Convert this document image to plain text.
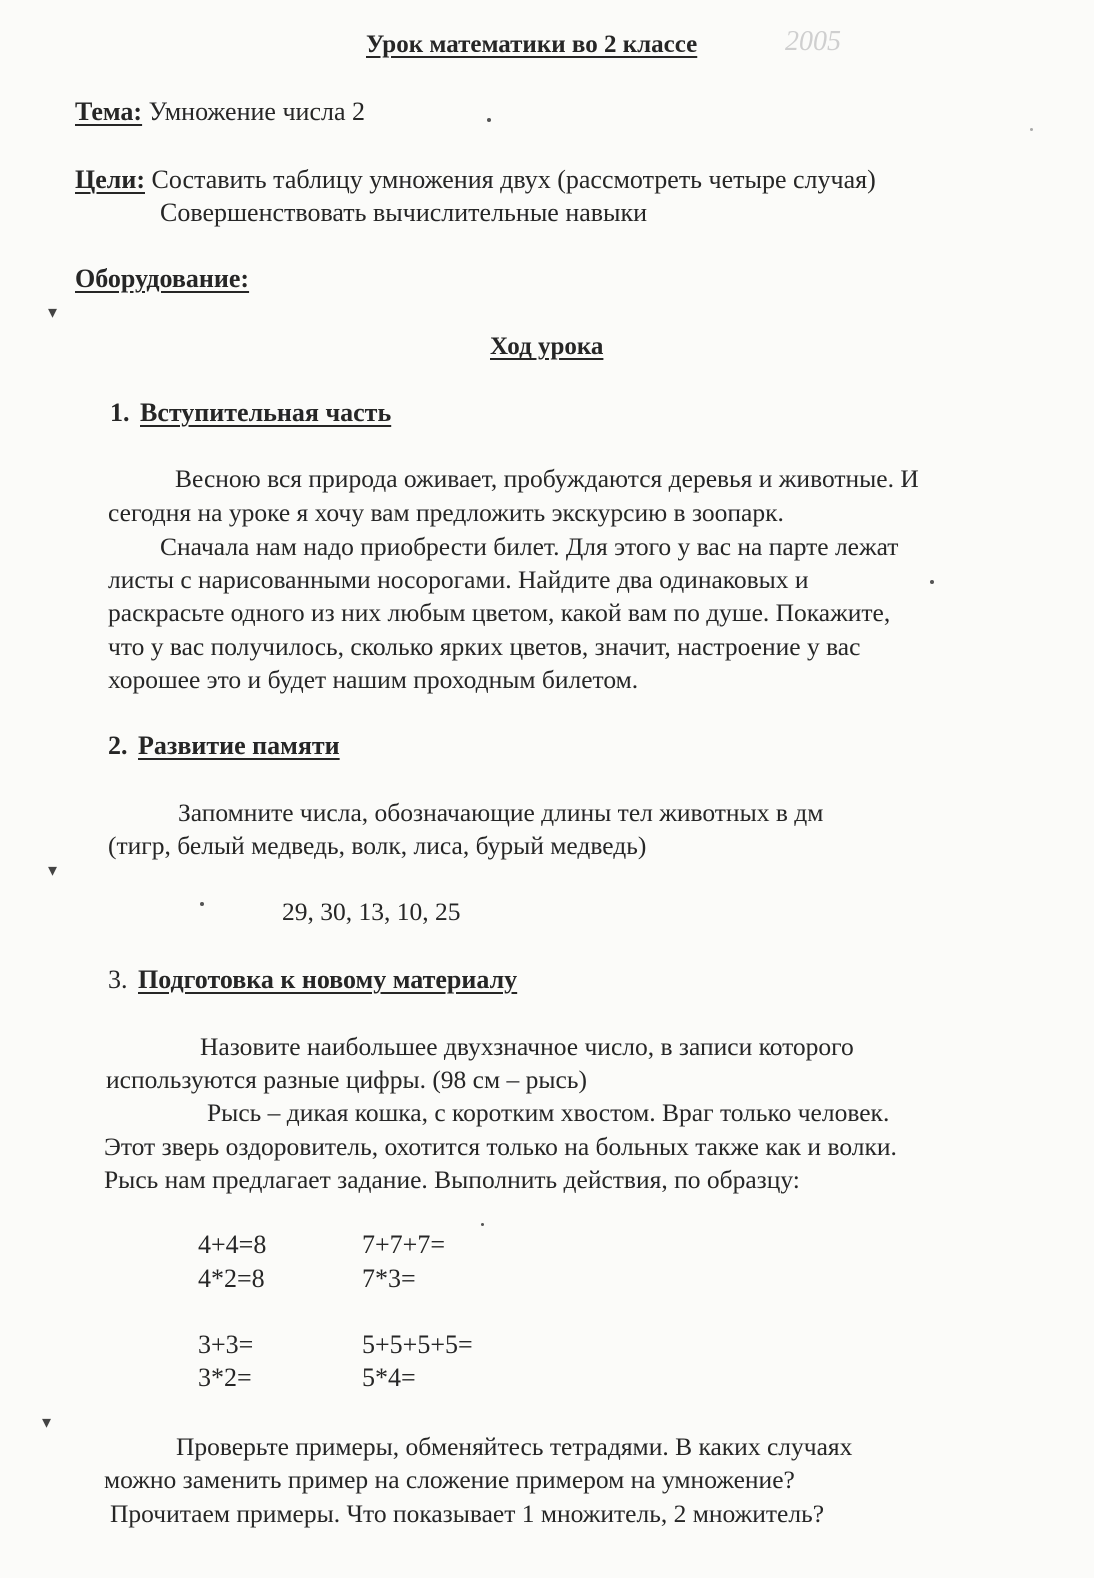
Урок математики во 2 классе	2005
Тема: Умножение числа 2
Цели: Составить таблицу умножения двух (рассмотреть четыре случая)
Совершенствовать вычислительные навыки
Оборудование:
Ход урока
1. Вступительная часть
Весною вся природа оживает, пробуждаются деревья и животные. И
сегодня на уроке я хочу вам предложить экскурсию в зоопарк.
Сначала нам надо приобрести билет. Для этого у вас на парте лежат
листы с нарисованными носорогами. Найдите два одинаковых и
раскрасьте одного из них любым цветом, какой вам по душе. Покажите,
что у вас получилось, сколько ярких цветов, значит, настроение у вас
хорошее это и будет нашим проходным билетом.
2. Развитие памяти
Запомните числа, обозначающие длины тел животных в дм
(тигр, белый медведь, волк, лиса, бурый медведь)
29, 30, 13, 10, 25
3. Подготовка к новому материалу
Назовите наибольшее двухзначное число, в записи которого
используются разные цифры. (98 см – рысь)
Рысь – дикая кошка, с коротким хвостом. Враг только человек.
Этот зверь оздоровитель, охотится только на больных также как и волки.
Рысь нам предлагает задание. Выполнить действия, по образцу:
4+4=8	7+7+7=
4*2=8	7*3=
3+3=	5+5+5+5=
3*2=	5*4=
Проверьте примеры, обменяйтесь тетрадями. В каких случаях
можно заменить пример на сложение примером на умножение?
Прочитаем примеры. Что показывает 1 множитель, 2 множитель?
▾
▾
▾
